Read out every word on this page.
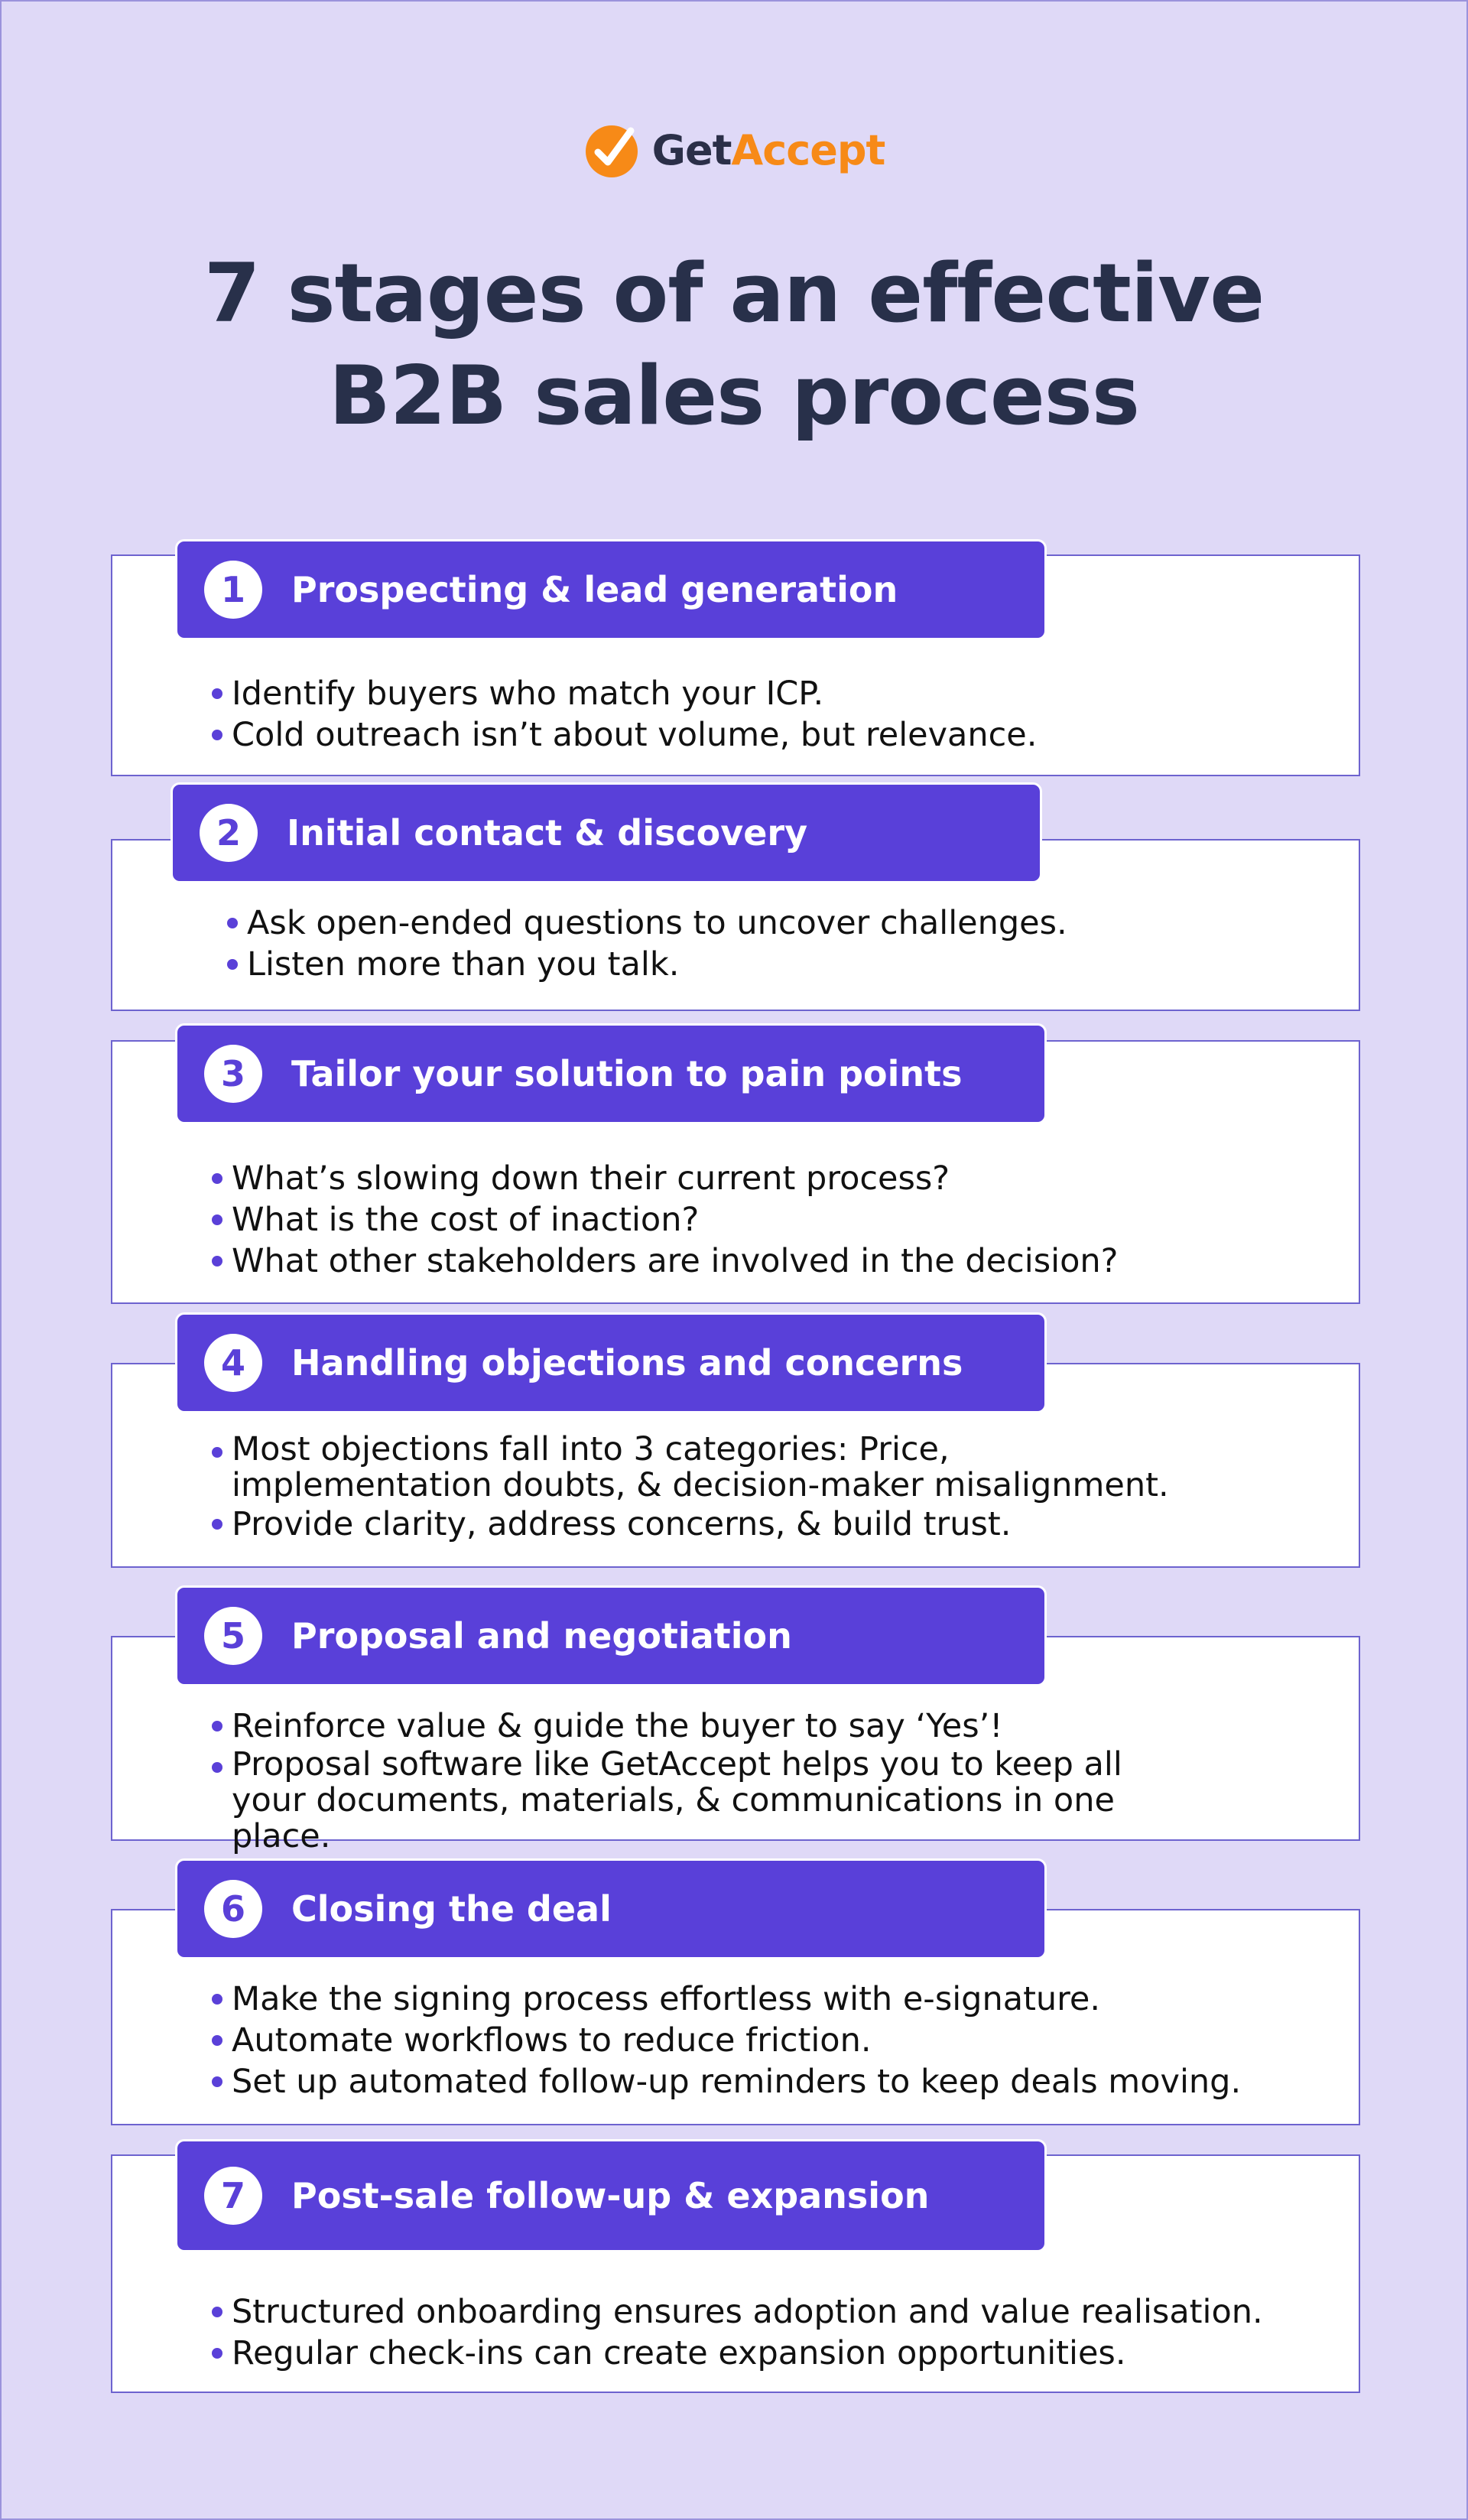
GetAccept
7 stages of an effective
B2B sales process
1	Prospecting & lead generation
Identify buyers who match your ICP.
Cold outreach isn’t about volume, but relevance.
2	Initial contact & discovery
Ask open-ended questions to uncover challenges.
Listen more than you talk.
3	Tailor your solution to pain points
What’s slowing down their current process?
What is the cost of inaction?
What other stakeholders are involved in the decision?
4	Handling objections and concerns
Most objections fall into 3 categories: Price, implementation doubts, & decision-maker misalignment.
Provide clarity, address concerns, & build trust.
5	Proposal and negotiation
Reinforce value & guide the buyer to say ‘Yes’!
Proposal software like GetAccept helps you to keep all your documents, materials, & communications in one place.
6	Closing the deal
Make the signing process effortless with e-signature.
Automate workflows to reduce friction.
Set up automated follow-up reminders to keep deals moving.
7	Post-sale follow-up & expansion
Structured onboarding ensures adoption and value realisation.
Regular check-ins can create expansion opportunities.
